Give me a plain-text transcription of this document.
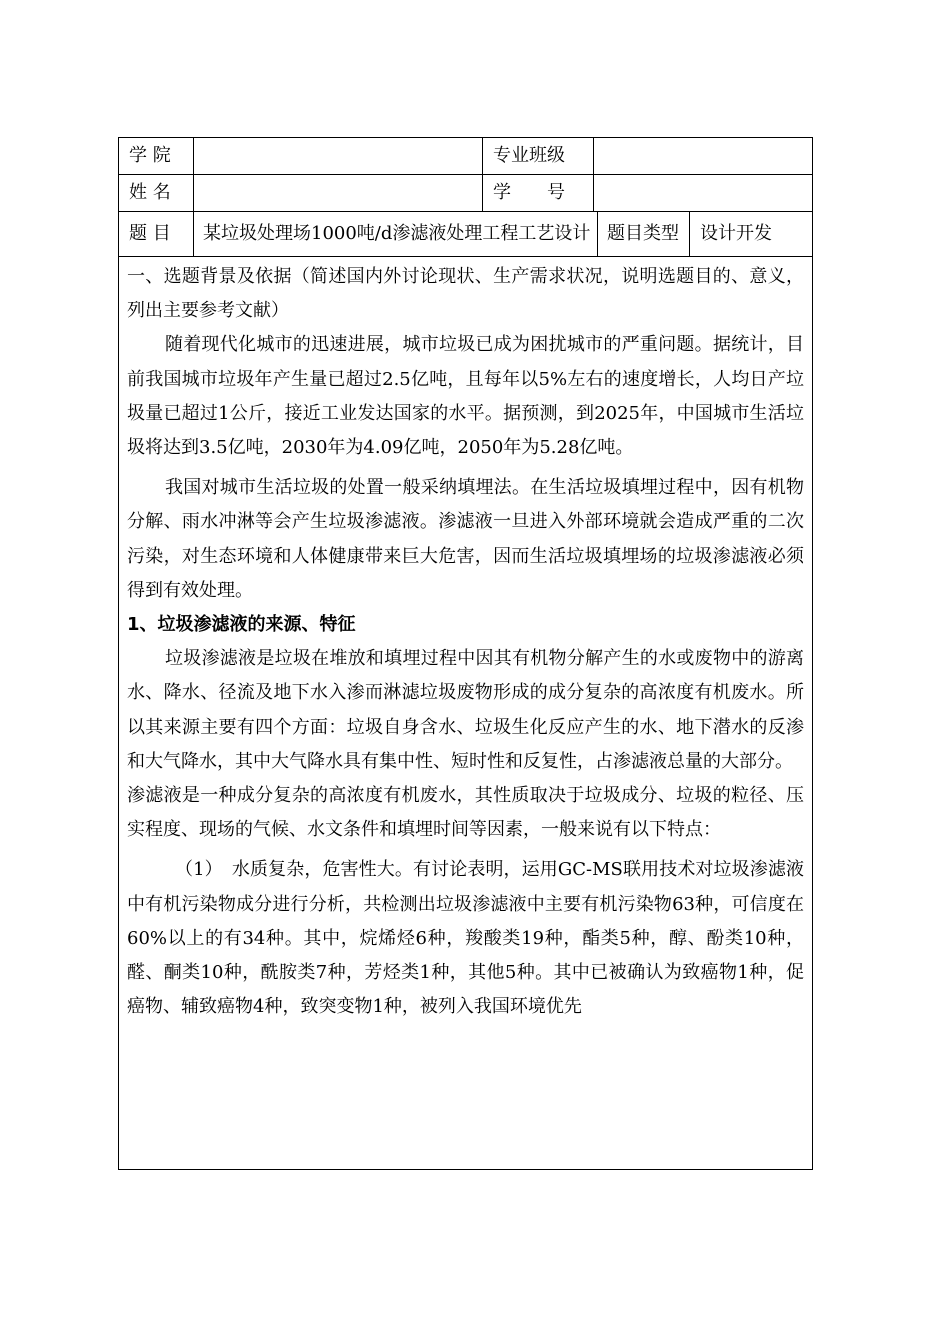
学 院	专业班级
姓 名	学　　号
题 目	某垃圾处理场1000吨/d渗滤液处理工程工艺设计 题目类型	设计开发

一、选题背景及依据（简述国内外讨论现状、生产需求状况，说明选题目的、意义，列出主要参考文献）

随着现代化城市的迅速进展，城市垃圾已成为困扰城市的严重问题。据统计，目前我国城市垃圾年产生量已超过2.5亿吨，且每年以5%左右的速度增长，人均日产垃圾量已超过1公斤，接近工业发达国家的水平。据预测，到2025年，中国城市生活垃圾将达到3.5亿吨，2030年为4.09亿吨，2050年为5.28亿吨。

我国对城市生活垃圾的处置一般采纳填埋法。在生活垃圾填埋过程中，因有机物分解、雨水冲淋等会产生垃圾渗滤液。渗滤液一旦进入外部环境就会造成严重的二次污染，对生态环境和人体健康带来巨大危害，因而生活垃圾填埋场的垃圾渗滤液必须得到有效处理。

1、垃圾渗滤液的来源、特征

垃圾渗滤液是垃圾在堆放和填埋过程中因其有机物分解产生的水或废物中的游离水、降水、径流及地下水入渗而淋滤垃圾废物形成的成分复杂的高浓度有机废水。所以其来源主要有四个方面：垃圾自身含水、垃圾生化反应产生的水、地下潜水的反渗和大气降水，其中大气降水具有集中性、短时性和反复性，占渗滤液总量的大部分。

渗滤液是一种成分复杂的高浓度有机废水，其性质取决于垃圾成分、垃圾的粒径、压实程度、现场的气候、水文条件和填埋时间等因素，一般来说有以下特点：

（1）　水质复杂，危害性大。有讨论表明，运用GC-MS联用技术对垃圾渗滤液中有机污染物成分进行分析，共检测出垃圾渗滤液中主要有机污染物63种，可信度在60%以上的有34种。其中，烷烯烃6种，羧酸类19种，酯类5种，醇、酚类10种，醛、酮类10种，酰胺类7种，芳烃类1种，其他5种。其中已被确认为致癌物1种，促癌物、辅致癌物4种，致突变物1种，被列入我国环境优先
